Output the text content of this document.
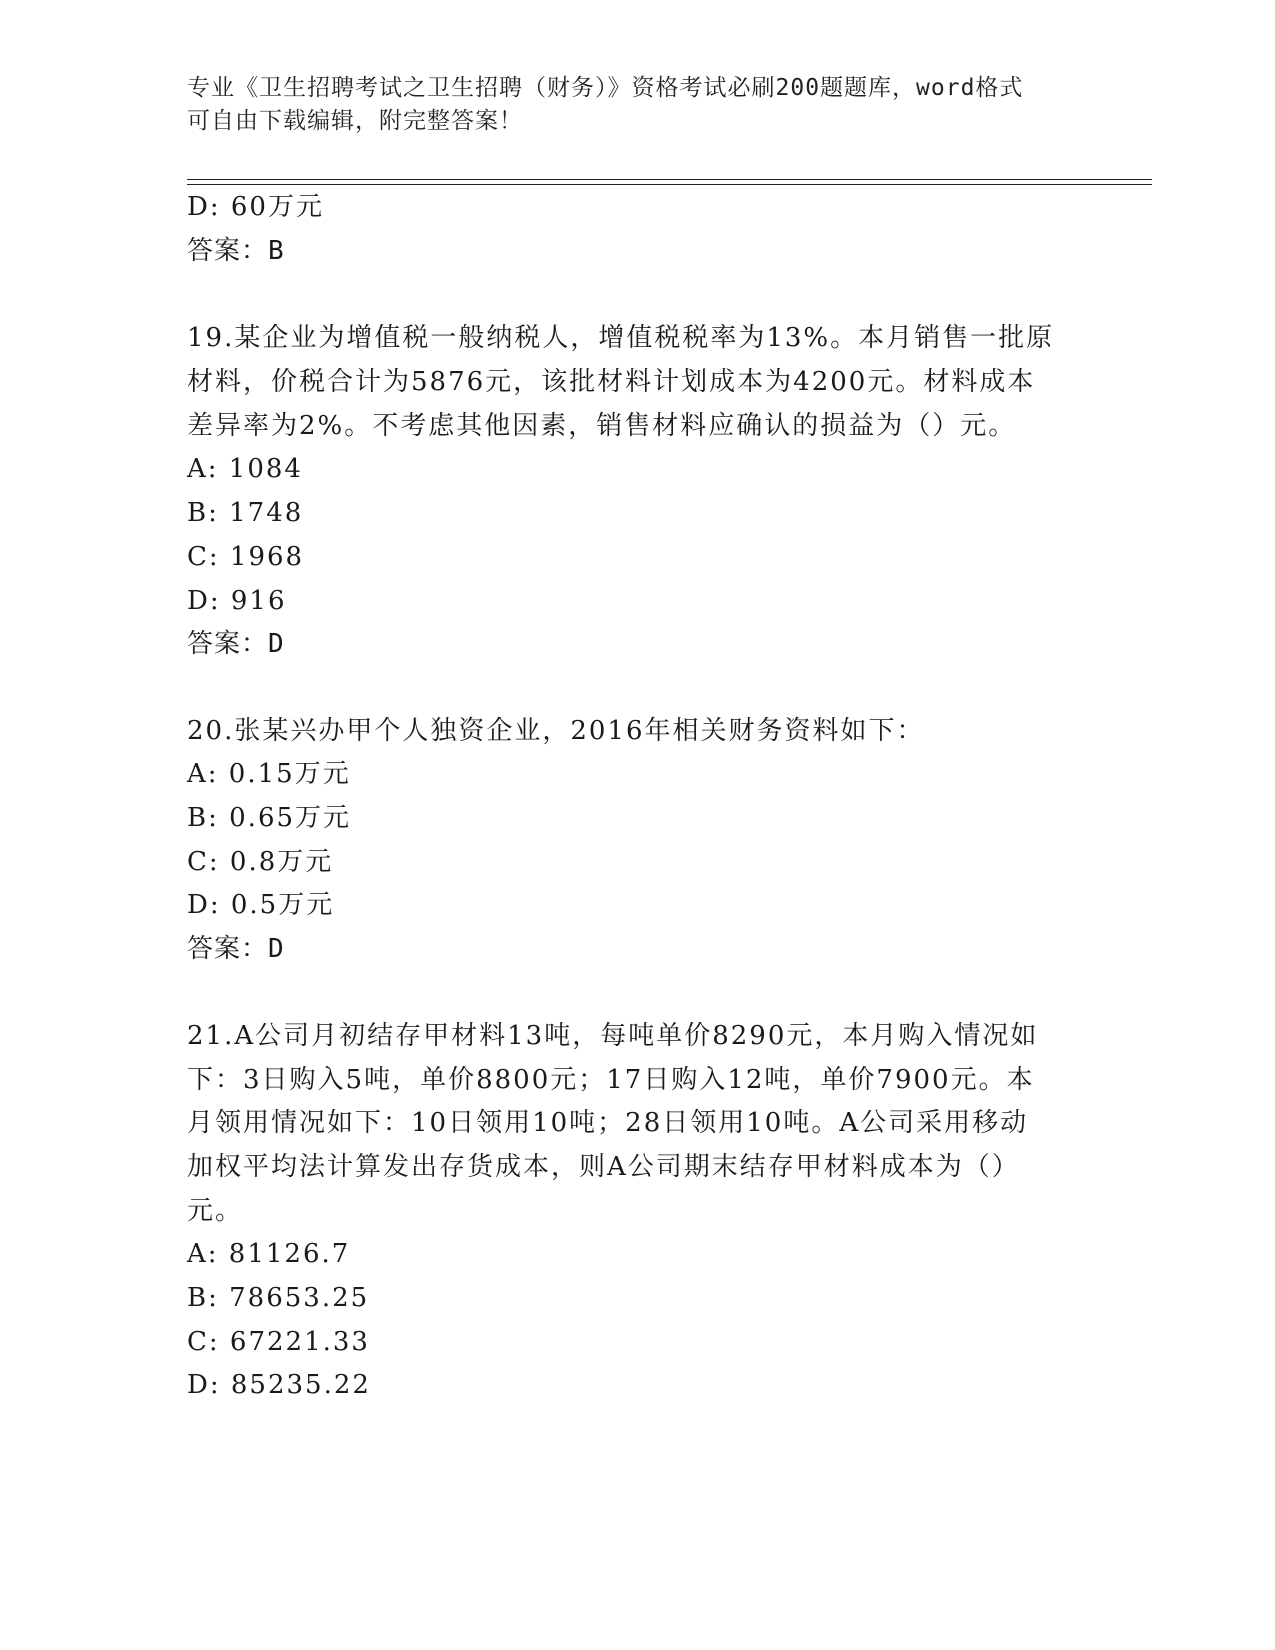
专业《卫生招聘考试之卫生招聘（财务）》资格考试必刷200题题库，word格式
可自由下载编辑，附完整答案！
D: 60万元
答案：B
19.某企业为增值税一般纳税人，增值税税率为13%。本月销售一批原
材料，价税合计为5876元，该批材料计划成本为4200元。材料成本
差异率为2%。不考虑其他因素，销售材料应确认的损益为（）元。
A: 1084
B: 1748
C: 1968
D: 916
答案：D
20.张某兴办甲个人独资企业，2016年相关财务资料如下：
A: 0.15万元
B: 0.65万元
C: 0.8万元
D: 0.5万元
答案：D
21.A公司月初结存甲材料13吨，每吨单价8290元，本月购入情况如
下：3日购入5吨，单价8800元；17日购入12吨，单价7900元。本
月领用情况如下：10日领用10吨；28日领用10吨。A公司采用移动
加权平均法计算发出存货成本，则A公司期末结存甲材料成本为（）
元。
A: 81126.7
B: 78653.25
C: 67221.33
D: 85235.22
